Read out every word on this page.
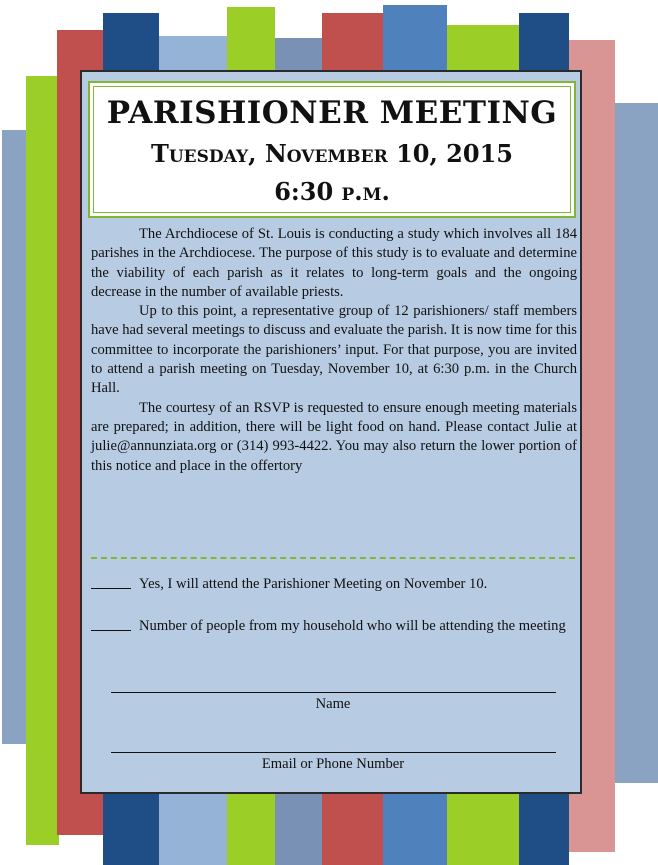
PARISHIONER MEETING
Tuesday, November 10, 2015
6:30 p.m.

The Archdiocese of St. Louis is conducting a study which involves all 184 parishes in the Archdiocese. The purpose of this study is to evaluate and determine the viability of each parish as it relates to long-term goals and the ongoing decrease in the number of available priests.

Up to this point, a representative group of 12 parishioners/ staff members have had several meetings to discuss and evaluate the parish. It is now time for this committee to incorporate the parishioners’ input. For that purpose, you are invited to attend a parish meeting on Tuesday, November 10, at 6:30 p.m. in the Church Hall.

The courtesy of an RSVP is requested to ensure enough meeting materials are prepared; in addition, there will be light food on hand. Please contact Julie at julie@annunziata.org or (314) 993-4422. You may also return the lower portion of this notice and place in the offertory

Yes, I will attend the Parishioner Meeting on November 10.
Number of people from my household who will be attending the meeting
Name
Email or Phone Number
